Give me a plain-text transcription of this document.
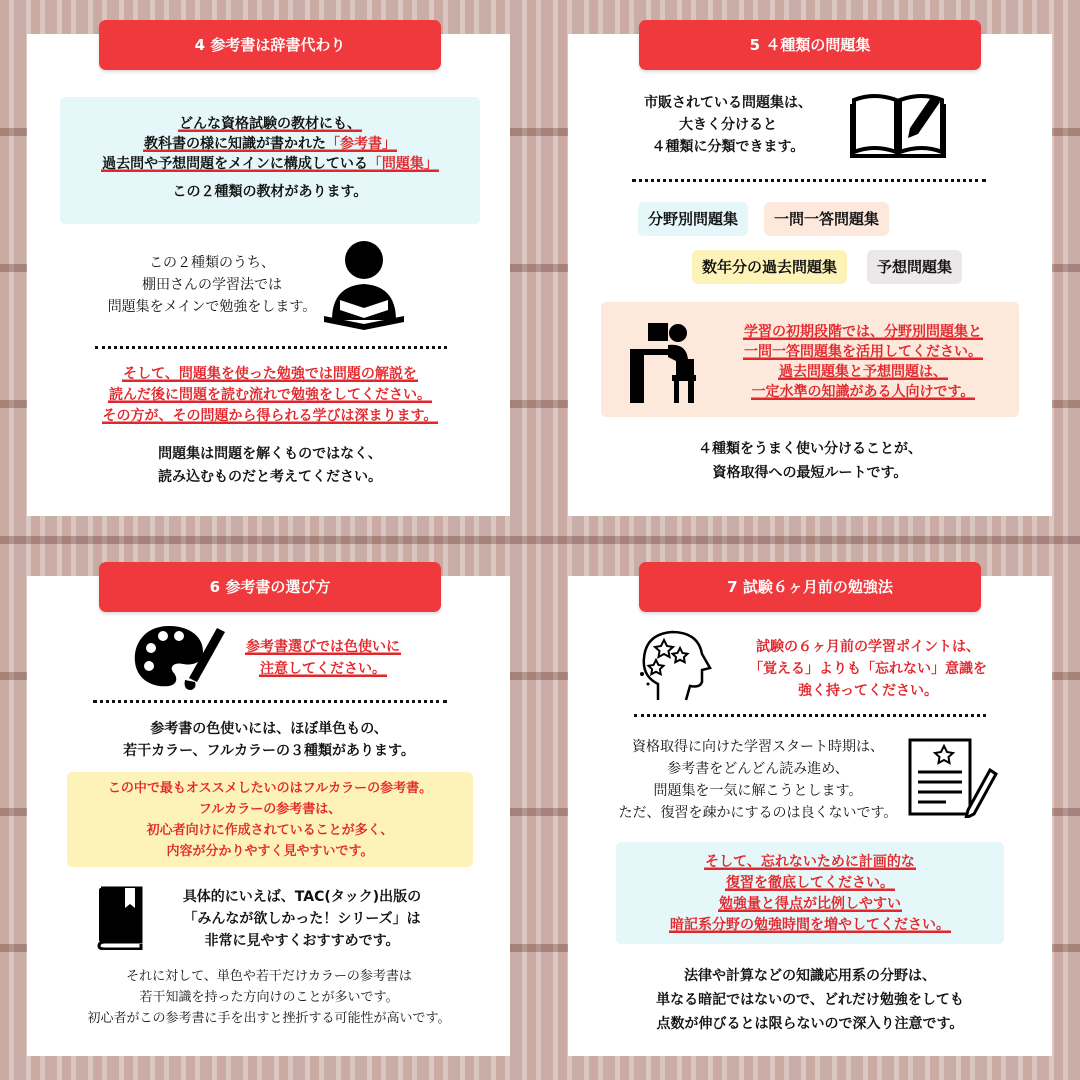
4 参考書は辞書代わり
どんな資格試験の教材にも、
教科書の様に知識が書かれた「参考書」
過去問や予想問題をメインに構成している「問題集」
この２種類の教材があります。
この２種類のうち、
棚田さんの学習法では
問題集をメインで勉強をします。
そして、問題集を使った勉強では問題の解説を
読んだ後に問題を読む流れで勉強をしてください。
その方が、その問題から得られる学びは深まります。
問題集は問題を解くものではなく、
読み込むものだと考えてください。
5 ４種類の問題集
市販されている問題集は、
大きく分けると
４種類に分類できます。
分野別問題集	一問一答問題集
数年分の過去問題集	予想問題集
学習の初期段階では、分野別問題集と
一問一答問題集を活用してください。
過去問題集と予想問題は、
一定水準の知識がある人向けです。
４種類をうまく使い分けることが、
資格取得への最短ルートです。
6 参考書の選び方
参考書選びでは色使いに
注意してください。
参考書の色使いには、ほぼ単色もの、
若干カラー、フルカラーの３種類があります。
この中で最もオススメしたいのはフルカラーの参考書。
フルカラーの参考書は、
初心者向けに作成されていることが多く、
内容が分かりやすく見やすいです。
具体的にいえば、TAC(タック)出版の
「みんなが欲しかった！シリーズ」は
非常に見やすくおすすめです。
それに対して、単色や若干だけカラーの参考書は
若干知識を持った方向けのことが多いです。
初心者がこの参考書に手を出すと挫折する可能性が高いです。
7 試験６ヶ月前の勉強法
試験の６ヶ月前の学習ポイントは、
「覚える」よりも「忘れない」意識を
強く持ってください。
資格取得に向けた学習スタート時期は、
参考書をどんどん読み進め、
問題集を一気に解こうとします。
ただ、復習を疎かにするのは良くないです。
そして、忘れないために計画的な
復習を徹底してください。
勉強量と得点が比例しやすい
暗記系分野の勉強時間を増やしてください。
法律や計算などの知識応用系の分野は、
単なる暗記ではないので、どれだけ勉強をしても
点数が伸びるとは限らないので深入り注意です。
